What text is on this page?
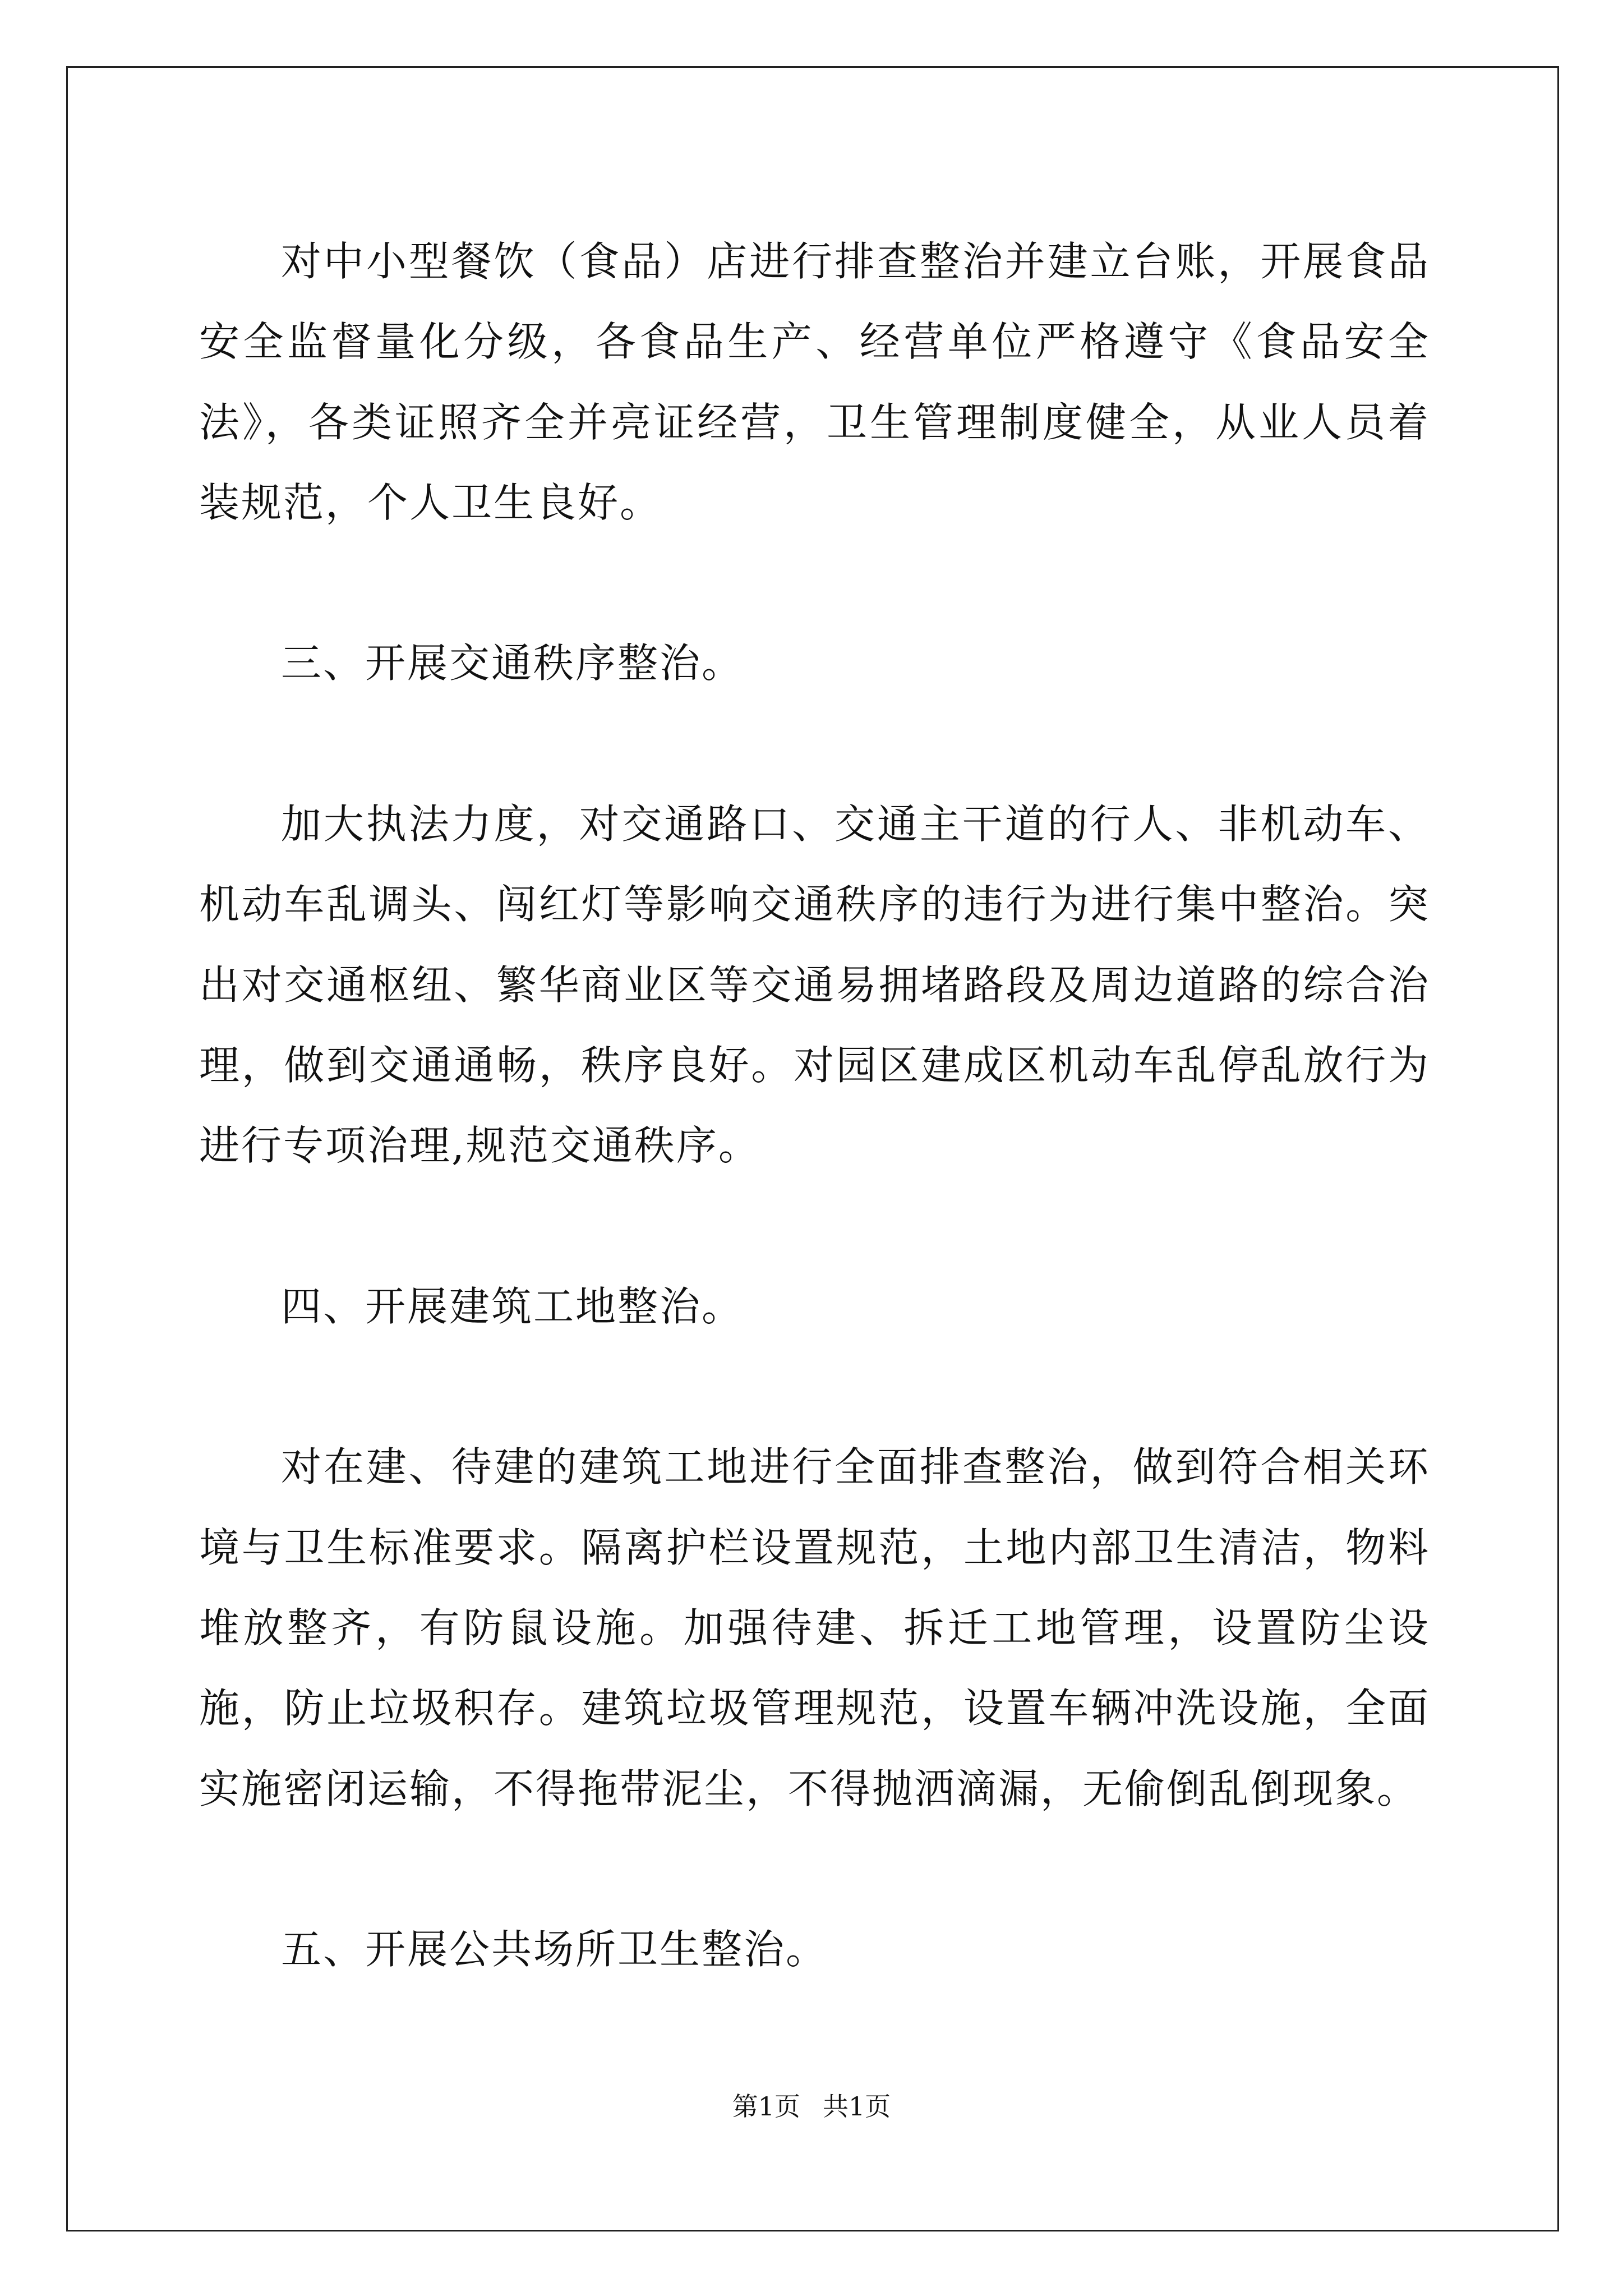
对中小型餐饮（食品）店进行排查整治并建立台账，开展食品安全监督量化分级，各食品生产、经营单位严格遵守《食品安全法》，各类证照齐全并亮证经营，卫生管理制度健全，从业人员着装规范，个人卫生良好。

三、开展交通秩序整治。

加大执法力度，对交通路口、交通主干道的行人、非机动车、机动车乱调头、闯红灯等影响交通秩序的违行为进行集中整治。突出对交通枢纽、繁华商业区等交通易拥堵路段及周边道路的综合治理，做到交通通畅，秩序良好。对园区建成区机动车乱停乱放行为进行专项治理,规范交通秩序。

四、开展建筑工地整治。

对在建、待建的建筑工地进行全面排查整治，做到符合相关环境与卫生标准要求。隔离护栏设置规范，土地内部卫生清洁，物料堆放整齐，有防鼠设施。加强待建、拆迁工地管理，设置防尘设施，防止垃圾积存。建筑垃圾管理规范，设置车辆冲洗设施，全面实施密闭运输，不得拖带泥尘，不得抛洒滴漏，无偷倒乱倒现象。

五、开展公共场所卫生整治。

第1页 共1页
